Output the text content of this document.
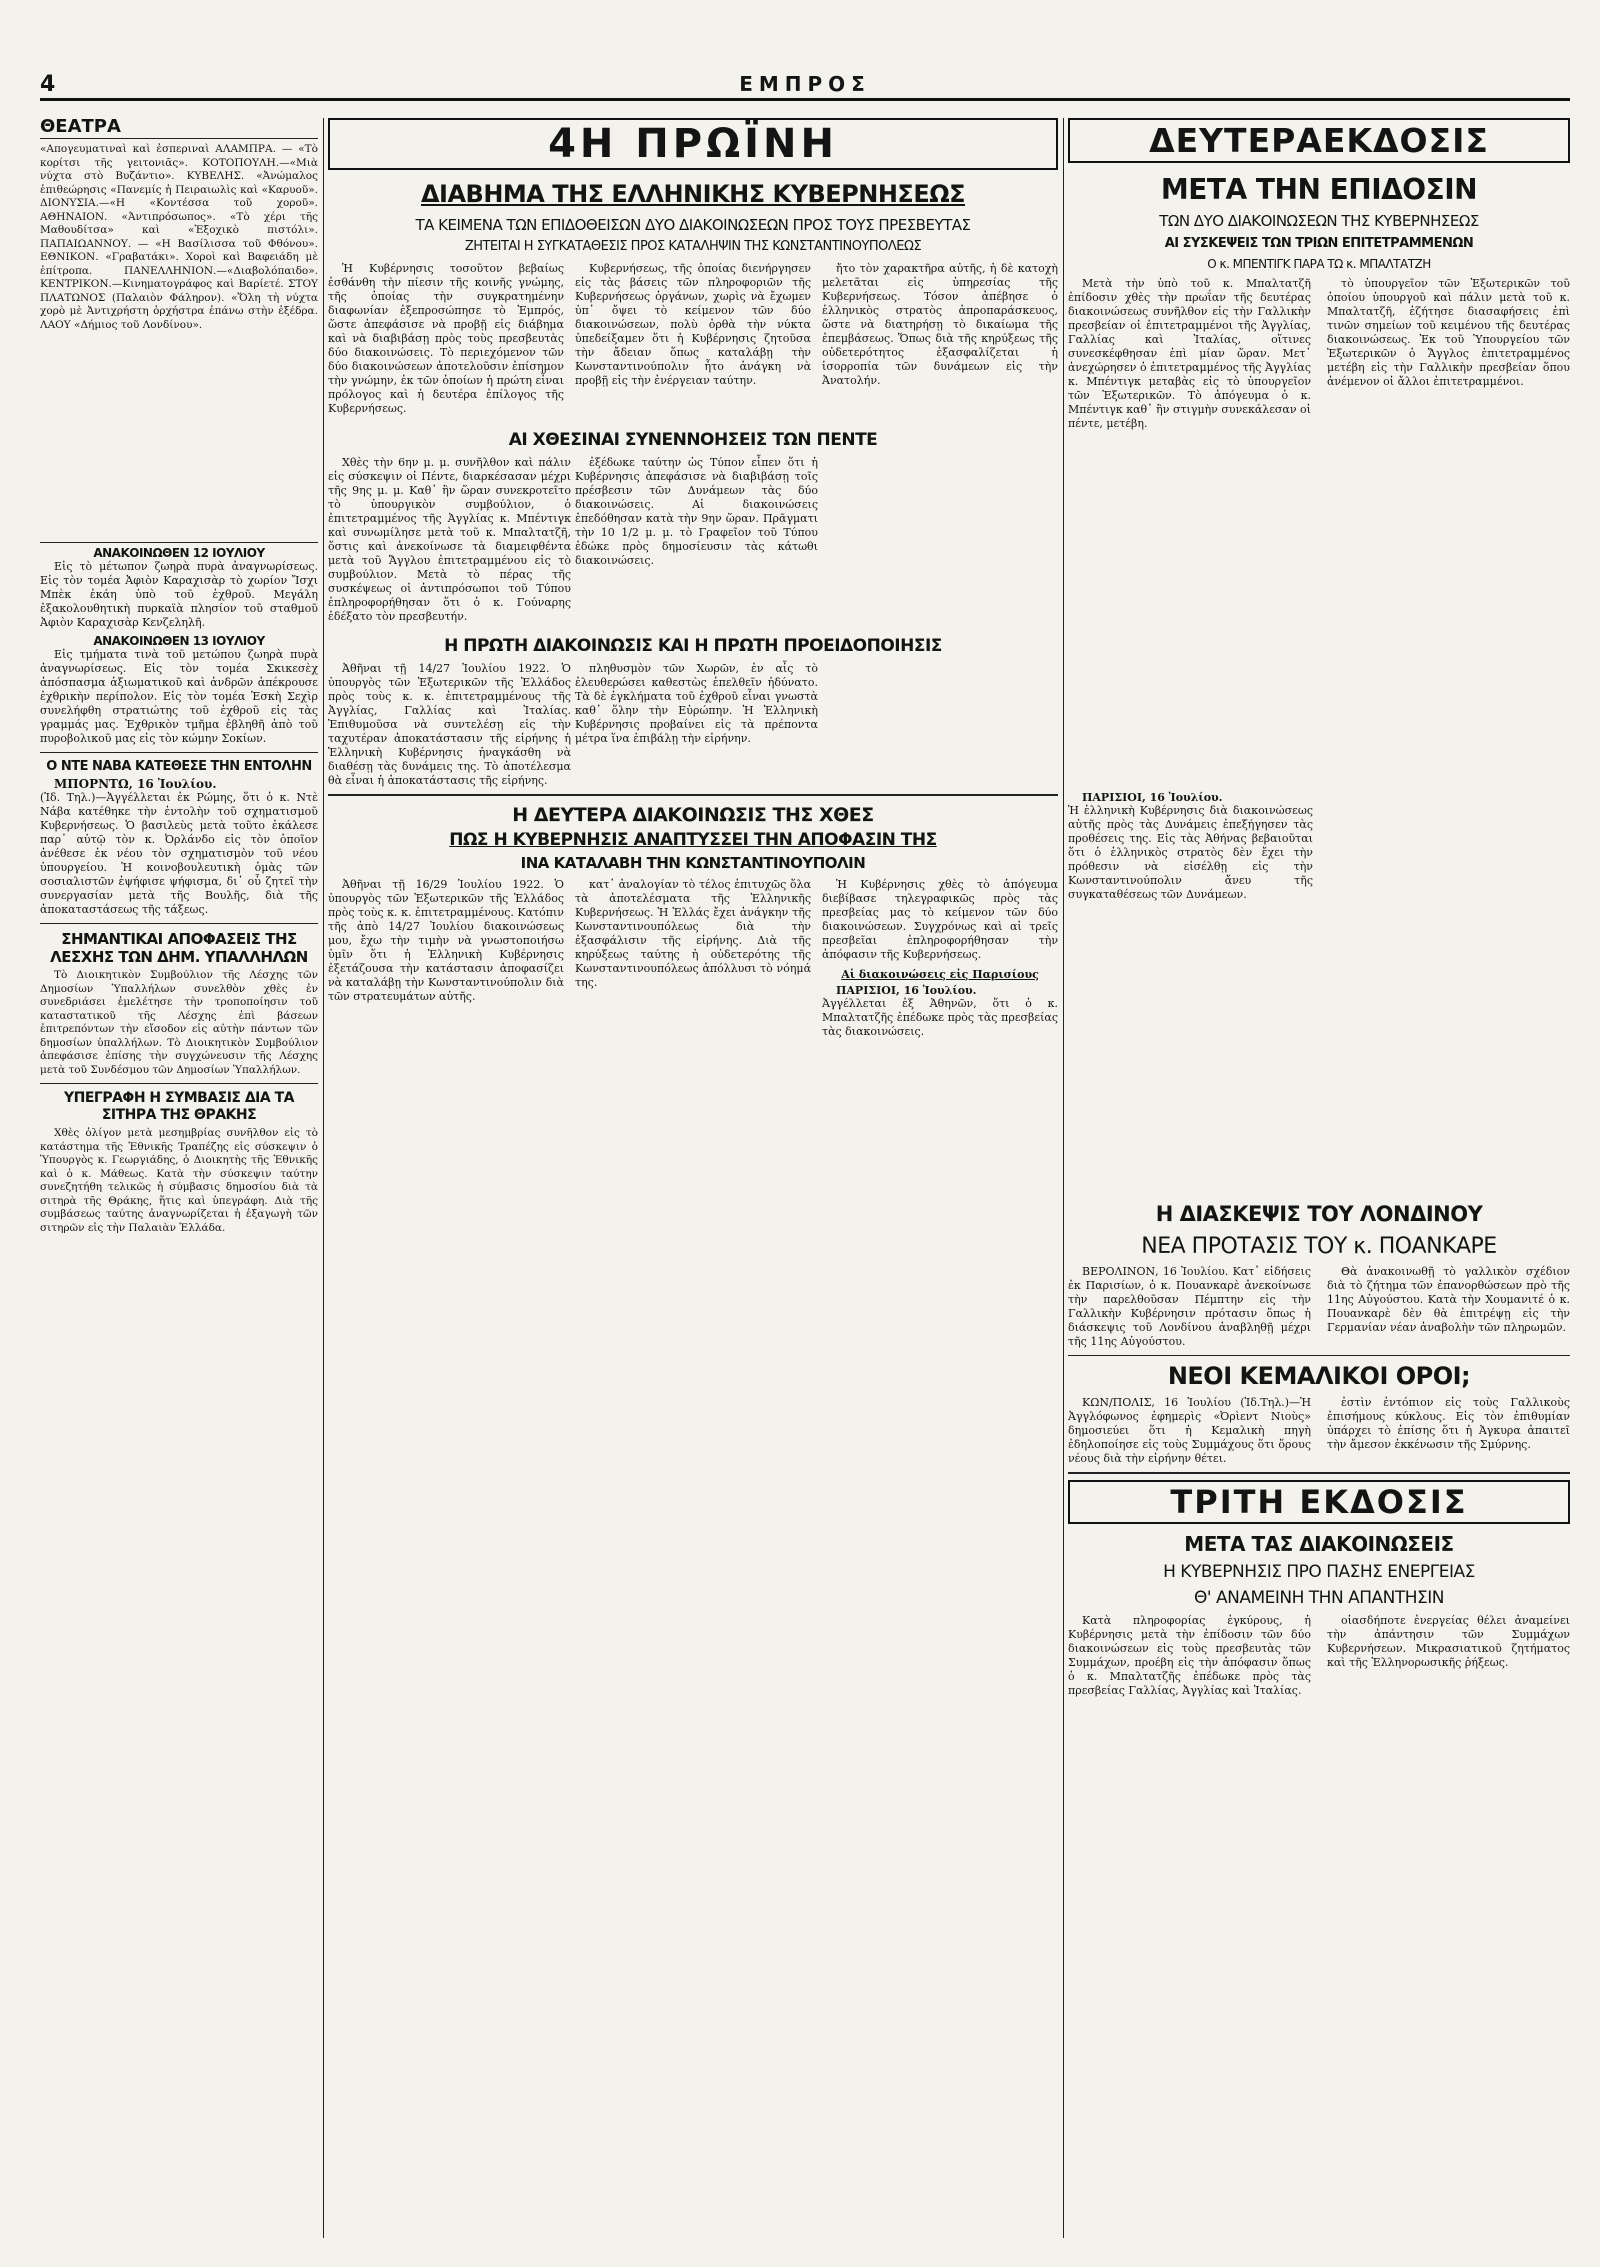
4	ΕΜΠΡΟΣ
ΘΕΑΤΡΑ
«Απογευματιναὶ καὶ ἐσπεριναὶ ΑΛΑΜΠΡΑ. — «Τὸ κορίτσι τῆς γειτονιᾶς». ΚΟΤΟΠΟΥΛΗ.—«Μιὰ νύχτα στὸ Βυζάντιο». ΚΥΒΕΛΗΣ. «Ἀνώμαλος ἐπιθεώρησις «Πανεμίς ἡ Πειραιωλὶς καὶ «Καρυοῦ». ΔΙΟΝΥΣΙΑ.—«Η «Κοντέσσα τοῦ χοροῦ». ΑΘΗΝΑΙΟΝ. «Ἀντιπρόσωπος». «Τὸ χέρι τῆς Μαθουδίτσα» καὶ «Ἐξοχικὸ πιστόλι». ΠΑΠΑΙΩΑΝΝΟΥ. — «Η Βασίλισσα τοῦ Φθόνου». ΕΘΝΙΚΟΝ. «Γραβατάκι». Χοροὶ καὶ Βαφειάδη μὲ ἐπίτροπα. ΠΑΝΕΛΛΗΝΙΟΝ.—«Διαβολόπαιδο». ΚΕΝΤΡΙΚΟΝ.—Κινηματογράφος καὶ Βαρίετέ. ΣΤΟΥ ΠΛΑΤΩΝΟΣ (Παλαιὸν Φάληρον). «Ὅλη τὴ νύχτα χορὸ μὲ Ἀντιχρήστη ὀρχήστρα ἐπάνω στὴν ἐξέδρα. ΛΑΟΥ «Δήμιος τοῦ Λονδίνου».
ΑΝΑΚΟΙΝΩΘΕΝ 12 ΙΟΥΛΙΟΥ
Εἰς τὸ μέτωπον ζωηρὰ πυρὰ ἀναγνωρίσεως. Εἰς τὸν τομέα Ἀφιὸν Καραχισὰρ τὸ χωρίον Ἴσχι Μπὲκ ἐκάη ὑπὸ τοῦ ἐχθροῦ. Μεγάλη ἐξακολουθητικὴ πυρκαϊὰ πλησίον τοῦ σταθμοῦ Ἀφιὸν Καραχισὰρ Κενζεληλῆ.
ΑΝΑΚΟΙΝΩΘΕΝ 13 ΙΟΥΛΙΟΥ
Εἰς τμήματα τινὰ τοῦ μετώπου ζωηρὰ πυρὰ ἀναγνωρίσεως. Εἰς τὸν τομέα Σκικεσὲχ ἀπόσπασμα ἀξιωματικοῦ καὶ ἀνδρῶν ἀπέκρουσε ἐχθρικὴν περίπολον. Εἰς τὸν τομέα Ἐσκὴ Σεχὶρ συνελήφθη στρατιώτης τοῦ ἐχθροῦ εἰς τὰς γραμμάς μας. Ἐχθρικὸν τμῆμα ἐβληθῆ ἀπὸ τοῦ πυροβολικοῦ μας εἰς τὸν κώμην Σοκίων.
Ο ΝΤΕ ΝΑΒΑ ΚΑΤΕΘΕΣΕ ΤΗΝ ΕΝΤΟΛΗΝ
ΜΠΟΡΝΤΩ, 16 Ἰουλίου.
(Ἰδ. Τηλ.)—Ἀγγέλλεται ἐκ Ρώμης, ὅτι ὁ κ. Ντὲ Νάβα κατέθηκε τὴν ἐντολὴν τοῦ σχηματισμοῦ Κυβερνήσεως. Ὁ βασιλεὺς μετὰ τοῦτο ἐκάλεσε παρ᾽ αὐτῷ τὸν κ. Ὀρλάνδο εἰς τὸν ὁποῖον ἀνέθεσε ἐκ νέου τὸν σχηματισμὸν τοῦ νέου ὑπουργείου. Ἡ κοινοβουλευτικὴ ὁμὰς τῶν σοσιαλιστῶν ἐψήφισε ψήφισμα, δι᾽ οὗ ζητεῖ τὴν συνεργασίαν μετὰ τῆς Βουλῆς, διὰ τῆς ἀποκαταστάσεως τῆς τάξεως.
ΣΗΜΑΝΤΙΚΑΙ ΑΠΟΦΑΣΕΙΣ ΤΗΣ ΛΕΣΧΗΣ ΤΩΝ ΔΗΜ. ΥΠΑΛΛΗΛΩΝ
Τὸ Διοικητικὸν Συμβούλιον τῆς Λέσχης τῶν Δημοσίων Ὑπαλλήλων συνελθὸν χθὲς ἐν συνεδριάσει ἐμελέτησε τὴν τροποποίησιν τοῦ καταστατικοῦ τῆς Λέσχης ἐπὶ βάσεων ἐπιτρεπόντων τὴν εἴσοδον εἰς αὐτὴν πάντων τῶν δημοσίων ὑπαλλήλων. Τὸ Διοικητικὸν Συμβούλιον ἀπεφάσισε ἐπίσης τὴν συγχώνευσιν τῆς Λέσχης μετὰ τοῦ Συνδέσμου τῶν Δημοσίων Ὑπαλλήλων.
ΥΠΕΓΡΑΦΗ Η ΣΥΜΒΑΣΙΣ ΔΙΑ ΤΑ ΣΙΤΗΡΑ ΤΗΣ ΘΡΑΚΗΣ
Χθὲς ὀλίγον μετὰ μεσημβρίας συνῆλθον εἰς τὸ κατάστημα τῆς Ἐθνικῆς Τραπέζης εἰς σύσκεψιν ὁ Ὑπουργὸς κ. Γεωργιάδης, ὁ Διοικητὴς τῆς Ἐθνικῆς καὶ ὁ κ. Μάθεως. Κατὰ τὴν σύσκεψιν ταύτην συνεζητήθη τελικῶς ἡ σύμβασις δημοσίου διὰ τὰ σιτηρὰ τῆς Θράκης, ἥτις καὶ ὑπεγράφη. Διὰ τῆς συμβάσεως ταύτης ἀναγνωρίζεται ἡ ἐξαγωγὴ τῶν σιτηρῶν εἰς τὴν Παλαιὰν Ἑλλάδα.
4Η ΠΡΩΪΝΗ
ΔΙΑΒΗΜΑ ΤΗΣ ΕΛΛΗΝΙΚΗΣ ΚΥΒΕΡΝΗΣΕΩΣ
ΤΑ ΚΕΙΜΕΝΑ ΤΩΝ ΕΠΙΔΟΘΕΙΣΩΝ ΔΥΟ ΔΙΑΚΟΙΝΩΣΕΩΝ ΠΡΟΣ ΤΟΥΣ ΠΡΕΣΒΕΥΤΑΣ
ΖΗΤΕΙΤΑΙ Η ΣΥΓΚΑΤΑΘΕΣΙΣ ΠΡΟΣ ΚΑΤΑΛΗΨΙΝ ΤΗΣ ΚΩΝΣΤΑΝΤΙΝΟΥΠΟΛΕΩΣ
Ἡ Κυβέρνησις τοσοῦτον βεβαίως ἐσθάνθη τὴν πίεσιν τῆς κοινῆς γνώμης, τῆς ὁποίας τὴν συγκρατημένην διαφωνίαν ἐξεπροσώπησε τὸ Ἐμπρός, ὥστε ἀπεφάσισε νὰ προβῇ εἰς διάβημα καὶ νὰ διαβιβάσῃ πρὸς τοὺς πρεσβευτὰς δύο διακοινώσεις. Τὸ περιεχόμενον τῶν δύο διακοινώσεων ἀποτελοῦσιν ἐπίσημον τὴν γνώμην, ἐκ τῶν ὁποίων ἡ πρώτη εἶναι πρόλογος καὶ ἡ δευτέρα ἐπίλογος τῆς Κυβερνήσεως.
Κυβερνήσεως, τῆς ὁποίας διενήργησεν εἰς τὰς βάσεις τῶν πληροφοριῶν τῆς Κυβερνήσεως ὀργάνων, χωρὶς νὰ ἔχωμεν ὑπ᾽ ὄψει τὸ κείμενον τῶν δύο διακοινώσεων, πολὺ ὀρθὰ τὴν νύκτα ὑπεδείξαμεν ὅτι ἡ Κυβέρνησις ζητοῦσα τὴν ἄδειαν ὅπως καταλάβῃ τὴν Κωνσταντινούπολιν ἦτο ἀνάγκη νὰ προβῇ εἰς τὴν ἐνέργειαν ταύτην.
ἤτο τὸν χαρακτῆρα αὐτῆς, ἡ δὲ κατοχὴ μελετᾶται εἰς ὑπηρεσίας τῆς Κυβερνήσεως. Τόσον ἀπέβησε ὁ ἑλληνικὸς στρατὸς ἀπροπαράσκευος, ὥστε νὰ διατηρήσῃ τὸ δικαίωμα τῆς ἐπεμβάσεως. Ὅπως διὰ τῆς κηρύξεως τῆς οὐδετερότητος ἐξασφαλίζεται ἡ ἰσορροπία τῶν δυνάμεων εἰς τὴν Ἀνατολήν.
ΑΙ ΧΘΕΣΙΝΑΙ ΣΥΝΕΝΝΟΗΣΕΙΣ ΤΩΝ ΠΕΝΤΕ
Χθὲς τὴν 6ην μ. μ. συνῆλθον καὶ πάλιν εἰς σύσκεψιν οἱ Πέντε, διαρκέσασαν μέχρι τῆς 9ης μ. μ. Καθ᾽ ἣν ὥραν συνεκροτεῖτο τὸ ὑπουργικὸν συμβούλιον, ὁ ἐπιτετραμμένος τῆς Ἀγγλίας κ. Μπέντιγκ καὶ συνωμίλησε μετὰ τοῦ κ. Μπαλτατζῆ, ὅστις καὶ ἀνεκοίνωσε τὰ διαμειφθέντα μετὰ τοῦ Ἄγγλου ἐπιτετραμμένου εἰς τὸ συμβούλιον. Μετὰ τὸ πέρας τῆς συσκέψεως οἱ ἀντιπρόσωποι τοῦ Τύπου ἐπληροφορήθησαν ὅτι ὁ κ. Γούναρης ἐδέξατο τὸν πρεσβευτήν.
ἐξέδωκε ταύτην ὡς Τύπον εἶπεν ὅτι ἡ Κυβέρνησις ἀπεφάσισε νὰ διαβιβάσῃ τοῖς πρέσβεσιν τῶν Δυνάμεων τὰς δύο διακοινώσεις. Αἱ διακοινώσεις ἐπεδόθησαν κατὰ τὴν 9ην ὥραν. Πρᾶγματι τὴν 10 1/2 μ. μ. τὸ Γραφεῖον τοῦ Τύπου ἐδώκε πρὸς δημοσίευσιν τὰς κάτωθι διακοινώσεις.
Η ΠΡΩΤΗ ΔΙΑΚΟΙΝΩΣΙΣ ΚΑΙ Η ΠΡΩΤΗ ΠΡΟΕΙΔΟΠΟΙΗΣΙΣ
Ἀθῆναι τῇ 14/27 Ἰουλίου 1922. Ὁ ὑπουργὸς τῶν Ἐξωτερικῶν τῆς Ἑλλάδος πρὸς τοὺς κ. κ. ἐπιτετραμμένους τῆς Ἀγγλίας, Γαλλίας καὶ Ἰταλίας. Ἐπιθυμοῦσα νὰ συντελέσῃ εἰς τὴν ταχυτέραν ἀποκατάστασιν τῆς εἰρήνης ἡ Ἑλληνικὴ Κυβέρνησις ἠναγκάσθη νὰ διαθέσῃ τὰς δυνάμεις της. Τὸ ἀποτέλεσμα θὰ εἶναι ἡ ἀποκατάστασις τῆς εἰρήνης.
πληθυσμὸν τῶν Χωρῶν, ἐν αἷς τὸ ἐλευθερώσει καθεστὼς ἐπελθεῖν ἠδύνατο. Τὰ δὲ ἐγκλήματα τοῦ ἐχθροῦ εἶναι γνωστὰ καθ᾽ ὅλην τὴν Εὐρώπην. Ἡ Ἑλληνικὴ Κυβέρνησις προβαίνει εἰς τὰ πρέποντα μέτρα ἵνα ἐπιβάλῃ τὴν εἰρήνην.
Η ΔΕΥΤΕΡΑ ΔΙΑΚΟΙΝΩΣΙΣ ΤΗΣ ΧΘΕΣ
ΠΩΣ Η ΚΥΒΕΡΝΗΣΙΣ ΑΝΑΠΤΥΣΣΕΙ ΤΗΝ ΑΠΟΦΑΣΙΝ ΤΗΣ
ΙΝΑ ΚΑΤΑΛΑΒΗ ΤΗΝ ΚΩΝΣΤΑΝΤΙΝΟΥΠΟΛΙΝ
Ἀθῆναι τῇ 16/29 Ἰουλίου 1922. Ὁ ὑπουργὸς τῶν Ἐξωτερικῶν τῆς Ἑλλάδος πρὸς τοὺς κ. κ. ἐπιτετραμμένους. Κατόπιν τῆς ἀπὸ 14/27 Ἰουλίου διακοινώσεως μου, ἔχω τὴν τιμὴν νὰ γνωστοποιήσω ὑμῖν ὅτι ἡ Ἑλληνικὴ Κυβέρνησις ἐξετάζουσα τὴν κατάστασιν ἀποφασίζει νὰ καταλάβῃ τὴν Κωνσταντινούπολιν διὰ τῶν στρατευμάτων αὐτῆς.
κατ᾽ ἀναλογίαν τὸ τέλος ἐπιτυχῶς ὅλα τὰ ἀποτελέσματα τῆς Ἑλληνικῆς Κυβερνήσεως. Ἡ Ἑλλάς ἔχει ἀνάγκην τῆς Κωνσταντινουπόλεως διὰ τὴν ἐξασφάλισιν τῆς εἰρήνης. Διὰ τῆς κηρύξεως ταύτης ἡ οὐδετερότης τῆς Κωνσταντινουπόλεως ἀπόλλυσι τὸ νόημά της.
Ἡ Κυβέρνησις χθὲς τὸ ἀπόγευμα διεβίβασε τηλεγραφικῶς πρὸς τὰς πρεσβείας μας τὸ κείμενον τῶν δύο διακοινώσεων. Συγχρόνως καὶ αἱ τρεῖς πρεσβεῖαι ἐπληροφορήθησαν τὴν ἀπόφασιν τῆς Κυβερνήσεως.
Αἱ διακοινώσεις εἰς Παρισίους
ΠΑΡΙΣΙΟΙ, 16 Ἰουλίου.
Ἀγγέλλεται ἐξ Ἀθηνῶν, ὅτι ὁ κ. Μπαλτατζῆς ἐπέδωκε πρὸς τὰς πρεσβείας τὰς διακοινώσεις.
ΔΕΥΤΕΡΑΕΚΔΟΣΙΣ
ΜΕΤΑ ΤΗΝ ΕΠΙΔΟΣΙΝ
ΤΩΝ ΔΥΟ ΔΙΑΚΟΙΝΩΣΕΩΝ ΤΗΣ ΚΥΒΕΡΝΗΣΕΩΣ
ΑΙ ΣΥΣΚΕΨΕΙΣ ΤΩΝ ΤΡΙΩΝ ΕΠΙΤΕΤΡΑΜΜΕΝΩΝ
Ο κ. ΜΠΕΝΤΙΓΚ ΠΑΡΑ ΤΩ κ. ΜΠΑΛΤΑΤΖΗ
Μετὰ τὴν ὑπὸ τοῦ κ. Μπαλτατζῆ ἐπίδοσιν χθὲς τὴν πρωΐαν τῆς δευτέρας διακοινώσεως συνῆλθον εἰς τὴν Γαλλικὴν πρεσβείαν οἱ ἐπιτετραμμένοι τῆς Ἀγγλίας, Γαλλίας καὶ Ἰταλίας, οἵτινες συνεσκέφθησαν ἐπὶ μίαν ὥραν. Μετ᾽ ἀνεχώρησεν ὁ ἐπιτετραμμένος τῆς Ἀγγλίας κ. Μπέντιγκ μεταβὰς εἰς τὸ ὑπουργεῖον τῶν Ἐξωτερικῶν. Τὸ ἀπόγευμα ὁ κ. Μπέντιγκ καθ᾽ ἣν στιγμὴν συνεκάλεσαν οἱ πέντε, μετέβη.
τὸ ὑπουργεῖον τῶν Ἐξωτερικῶν τοῦ ὁποίου ὑπουργοῦ καὶ πάλιν μετὰ τοῦ κ. Μπαλτατζῆ, ἐζήτησε διασαφήσεις ἐπὶ τινῶν σημείων τοῦ κειμένου τῆς δευτέρας διακοινώσεως. Ἐκ τοῦ Ὑπουργείου τῶν Ἐξωτερικῶν ὁ Ἄγγλος ἐπιτετραμμένος μετέβη εἰς τὴν Γαλλικὴν πρεσβείαν ὅπου ἀνέμενον οἱ ἄλλοι ἐπιτετραμμένοι.
ΠΑΡΙΣΙΟΙ, 16 Ἰουλίου.
Ἡ ἑλληνικὴ Κυβέρνησις διὰ διακοινώσεως αὐτῆς πρὸς τὰς Δυνάμεις ἐπεξήγησεν τὰς προθέσεις της. Εἰς τὰς Ἀθήνας βεβαιοῦται ὅτι ὁ ἑλληνικὸς στρατὸς δὲν ἔχει τὴν πρόθεσιν νὰ εἰσέλθῃ εἰς τὴν Κωνσταντινούπολιν ἄνευ τῆς συγκαταθέσεως τῶν Δυνάμεων.
Η ΔΙΑΣΚΕΨΙΣ ΤΟΥ ΛΟΝΔΙΝΟΥ
ΝΕΑ ΠΡΟΤΑΣΙΣ ΤΟΥ κ. ΠΟΑΝΚΑΡΕ
ΒΕΡΟΛΙΝΟΝ, 16 Ἰουλίου. Κατ᾽ εἰδήσεις ἐκ Παρισίων, ὁ κ. Πουανκαρὲ ἀνεκοίνωσε τὴν παρελθοῦσαν Πέμπτην εἰς τὴν Γαλλικὴν Κυβέρνησιν πρότασιν ὅπως ἡ διάσκεψις τοῦ Λονδίνου ἀναβληθῇ μέχρι τῆς 11ης Αὐγούστου.
Θὰ ἀνακοινωθῇ τὸ γαλλικὸν σχέδιον διὰ τὸ ζήτημα τῶν ἐπανορθώσεων πρὸ τῆς 11ης Αὐγούστου. Κατὰ τὴν Χουμανιτέ ὁ κ. Πουανκαρὲ δὲν θὰ ἐπιτρέψῃ εἰς τὴν Γερμανίαν νέαν ἀναβολὴν τῶν πληρωμῶν.
ΝΕΟΙ ΚΕΜΑΛΙΚΟΙ ΟΡΟΙ;
ΚΩΝ/ΠΟΛΙΣ, 16 Ἰουλίου (Ἰδ.Τηλ.)—Ἡ Ἀγγλόφωνος ἐφημερὶς «Ὀρὶεντ Νιοὺς» δημοσιεύει ὅτι ἡ Κεμαλικὴ πηγὴ ἐδηλοποίησε εἰς τοὺς Συμμάχους ὅτι ὅρους νέους διὰ τὴν εἰρήνην θέτει.
ἐστὶν ἐντόπιον εἰς τοὺς Γαλλικοὺς ἐπισήμους κύκλους. Εἰς τὸν ἐπιθυμίαν ὑπάρχει τὸ ἐπίσης ὅτι ἡ Ἀγκυρα ἀπαιτεῖ τὴν ἄμεσον ἐκκένωσιν τῆς Σμύρνης.
ΤΡΙΤΗ ΕΚΔΟΣΙΣ
ΜΕΤΑ ΤΑΣ ΔΙΑΚΟΙΝΩΣΕΙΣ
Η ΚΥΒΕΡΝΗΣΙΣ ΠΡΟ ΠΑΣΗΣ ΕΝΕΡΓΕΙΑΣ
Θ' ΑΝΑΜΕΙΝΗ ΤΗΝ ΑΠΑΝΤΗΣΙΝ
Κατὰ πληροφορίας ἐγκύρους, ἡ Κυβέρνησις μετὰ τὴν ἐπίδοσιν τῶν δύο διακοινώσεων εἰς τοὺς πρεσβευτὰς τῶν Συμμάχων, προέβη εἰς τὴν ἀπόφασιν ὅπως ὁ κ. Μπαλτατζῆς ἐπέδωκε πρὸς τὰς πρεσβείας Γαλλίας, Ἀγγλίας καὶ Ἰταλίας.
οἱασδήποτε ἐνεργείας θέλει ἀναμείνει τὴν ἀπάντησιν τῶν Συμμάχων Κυβερνήσεων. Μικρασιατικοῦ ζητήματος καὶ τῆς Ἑλληνορωσικῆς ῥήξεως.
